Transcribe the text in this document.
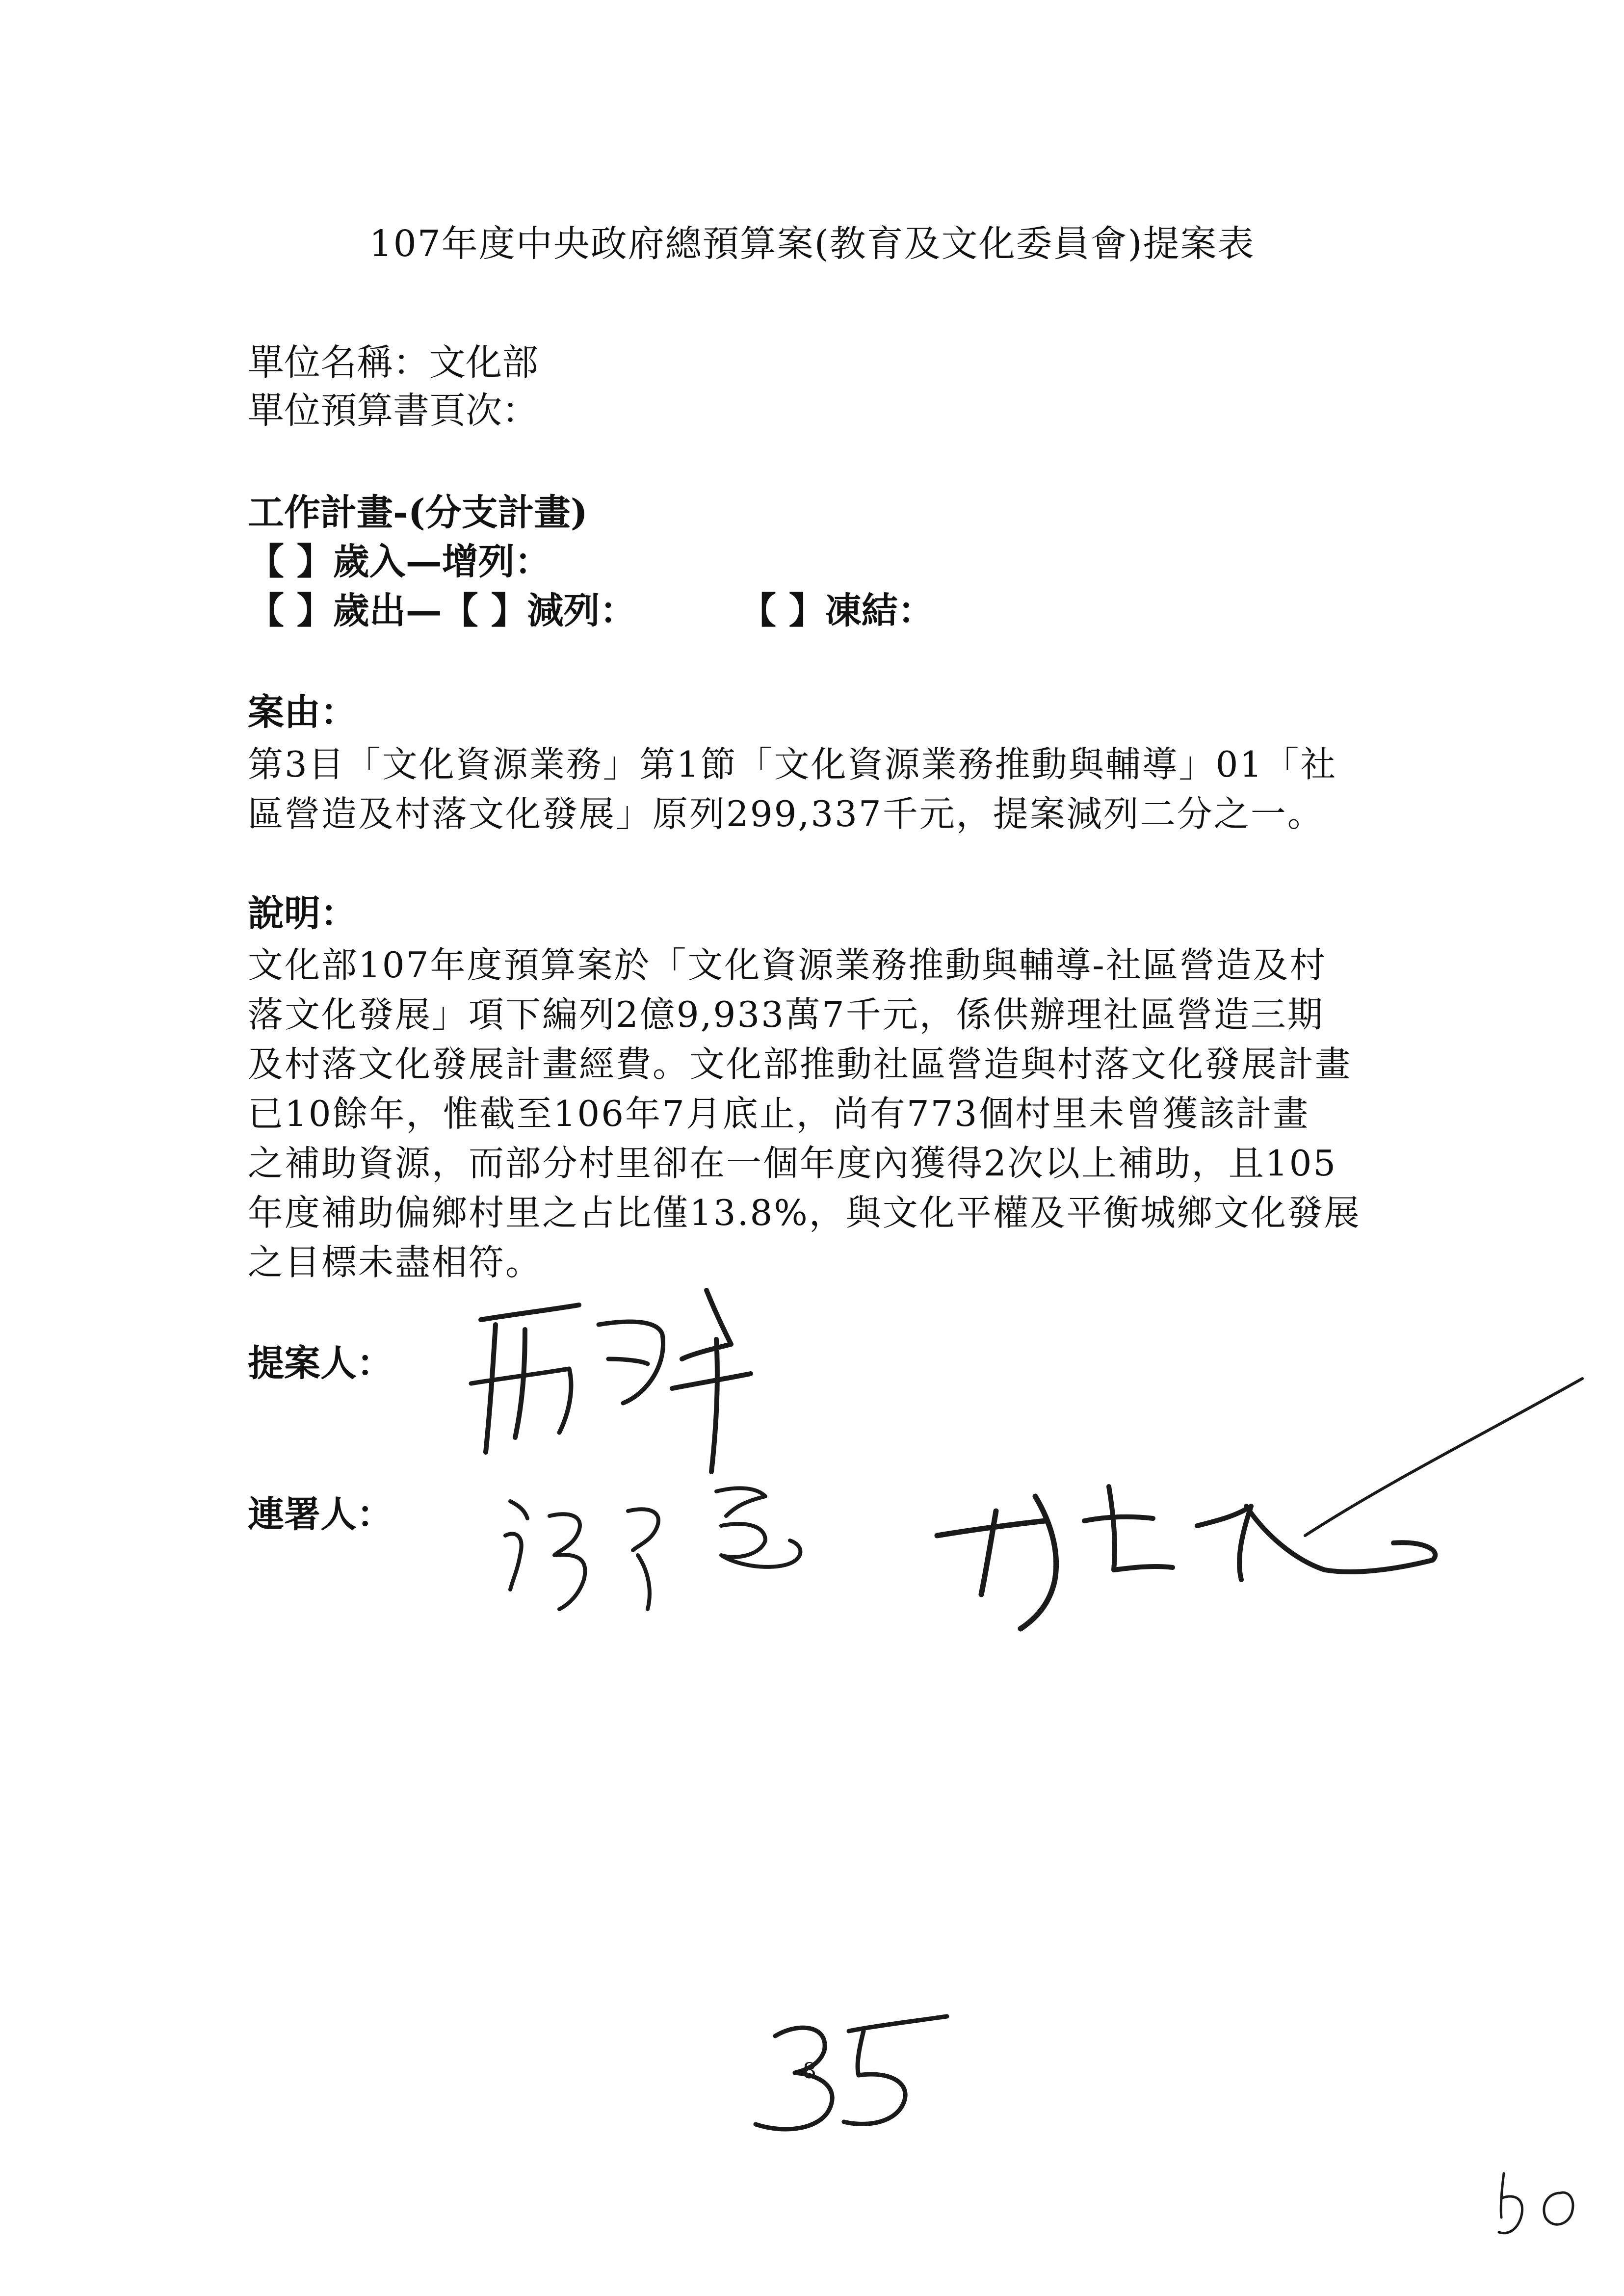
107年度中央政府總預算案(教育及文化委員會)提案表
單位名稱：文化部
單位預算書頁次：
工作計畫-(分支計畫)
【 】歲入—增列：
【 】歲出—【 】減列：	【 】凍結：
案由：
第3目「文化資源業務」第1節「文化資源業務推動與輔導」01「社
區營造及村落文化發展」原列299,337千元，提案減列二分之一。
說明：
文化部107年度預算案於「文化資源業務推動與輔導-社區營造及村
落文化發展」項下編列2億9,933萬7千元，係供辦理社區營造三期
及村落文化發展計畫經費。文化部推動社區營造與村落文化發展計畫
已10餘年，惟截至106年7月底止，尚有773個村里未曾獲該計畫
之補助資源，而部分村里卻在一個年度內獲得2次以上補助，且105
年度補助偏鄉村里之占比僅13.8%，與文化平權及平衡城鄉文化發展
之目標未盡相符。
提案人：
連署人：
8
